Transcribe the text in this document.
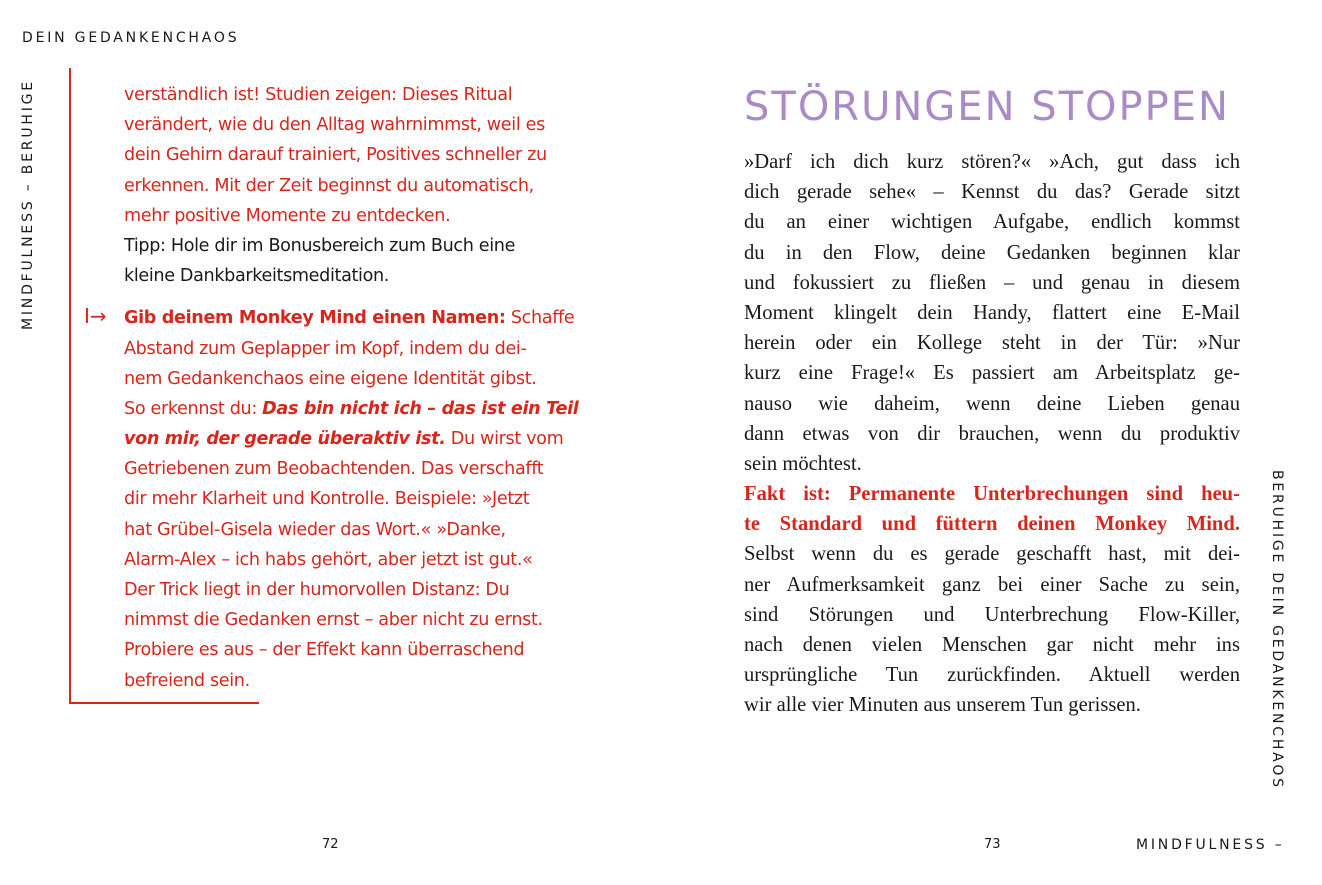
DEIN GEDANKENCHAOS
MINDFULNESS – BERUHIGE I→
verständlich ist! Studien zeigen: Dieses Ritual
verändert, wie du den Alltag wahrnimmst, weil es
dein Gehirn darauf trainiert, Positives schneller zu
erkennen. Mit der Zeit beginnst du automatisch,
mehr positive Momente zu entdecken.
Tipp: Hole dir im Bonusbereich zum Buch eine
kleine Dankbarkeitsmeditation.
Gib deinem Monkey Mind einen Namen: Schaffe
Abstand zum Geplapper im Kopf, indem du dei-
nem Gedankenchaos eine eigene Identität gibst.
So erkennst du: Das bin nicht ich – das ist ein Teil
von mir, der gerade überaktiv ist. Du wirst vom
Getriebenen zum Beobachtenden. Das verschafft
dir mehr Klarheit und Kontrolle. Beispiele: »Jetzt
hat Grübel-Gisela wieder das Wort.« »Danke,
Alarm-Alex – ich habs gehört, aber jetzt ist gut.«
Der Trick liegt in der humorvollen Distanz: Du
nimmst die Gedanken ernst – aber nicht zu ernst.
Probiere es aus – der Effekt kann überraschend
befreiend sein.
72
STÖRUNGEN STOPPEN
»Darf ich dich kurz stören?« »Ach, gut dass ich
dich gerade sehe« – Kennst du das? Gerade sitzt
du an einer wichtigen Aufgabe, endlich kommst
du in den Flow, deine Gedanken beginnen klar
und fokussiert zu fließen – und genau in diesem
Moment klingelt dein Handy, flattert eine E-Mail
herein oder ein Kollege steht in der Tür: »Nur
kurz eine Frage!« Es passiert am Arbeitsplatz ge-
nauso wie daheim, wenn deine Lieben genau
dann etwas von dir brauchen, wenn du produktiv
sein möchtest.
Fakt ist: Permanente Unterbrechungen sind heu-
te Standard und füttern deinen Monkey Mind.
Selbst wenn du es gerade geschafft hast, mit dei-
ner Aufmerksamkeit ganz bei einer Sache zu sein,
sind Störungen und Unterbrechung Flow-Killer,
nach denen vielen Menschen gar nicht mehr ins
ursprüngliche Tun zurückfinden. Aktuell werden
wir alle vier Minuten aus unserem Tun gerissen.	BERUHIGE DEIN GEDANKENCHAOS
73	MINDFULNESS –
